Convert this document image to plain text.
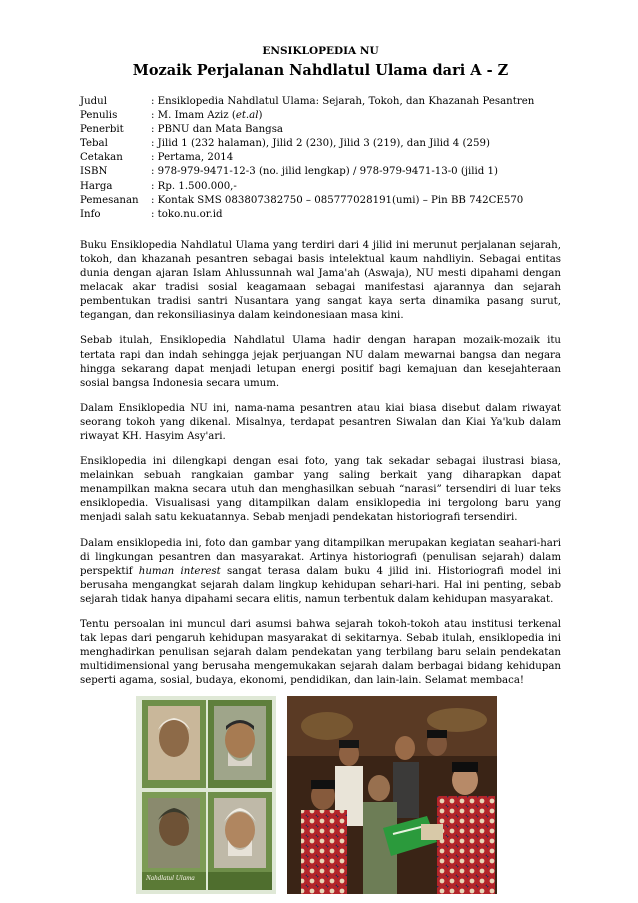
ENSIKLOPEDIA NU

Mozaik Perjalanan Nahdlatul Ulama dari A - Z
Judul	: Ensiklopedia Nahdlatul Ulama: Sejarah, Tokoh, dan Khazanah Pesantren
Penulis	: M. Imam Aziz (et.al)
Penerbit	: PBNU dan Mata Bangsa
Tebal	: Jilid 1 (232 halaman), Jilid 2 (230), Jilid 3 (219), dan Jilid 4 (259)
Cetakan	: Pertama, 2014
ISBN	: 978-979-9471-12-3 (no. jilid lengkap) / 978-979-9471-13-0 (jilid 1)
Harga	: Rp. 1.500.000,-
Pemesanan	: Kontak SMS 083807382750 – 085777028191(umi) – Pin BB 742CE570
Info	: toko.nu.or.id

Buku Ensiklopedia Nahdlatul Ulama yang terdiri dari 4 jilid ini merunut perjalanan sejarah, tokoh, dan khazanah pesantren sebagai basis intelektual kaum nahdliyin. Sebagai entitas dunia dengan ajaran Islam Ahlussunnah wal Jama'ah (Aswaja), NU mesti dipahami dengan melacak akar tradisi sosial keagamaan sebagai manifestasi ajarannya dan sejarah pembentukan tradisi santri Nusantara yang sangat kaya serta dinamika pasang surut, tegangan, dan rekonsiliasinya dalam keindonesiaan masa kini.

Sebab itulah, Ensiklopedia Nahdlatul Ulama hadir dengan harapan mozaik-mozaik itu tertata rapi dan indah sehingga jejak perjuangan NU dalam mewarnai bangsa dan negara hingga sekarang dapat menjadi letupan energi positif bagi kemajuan dan kesejahteraan sosial bangsa Indonesia secara umum.

Dalam Ensiklopedia NU ini, nama-nama pesantren atau kiai biasa disebut dalam riwayat seorang tokoh yang dikenal. Misalnya, terdapat pesantren Siwalan dan Kiai Ya'kub dalam riwayat KH. Hasyim Asy'ari.

Ensiklopedia ini dilengkapi dengan esai foto, yang tak sekadar sebagai ilustrasi biasa, melainkan sebuah rangkaian gambar yang saling berkait yang diharapkan dapat menampilkan makna secara utuh dan menghasilkan sebuah “narasi” tersendiri di luar teks ensiklopedia. Visualisasi yang ditampilkan dalam ensiklopedia ini tergolong baru yang menjadi salah satu kekuatannya. Sebab menjadi pendekatan historiografi tersendiri.

Dalam ensiklopedia ini, foto dan gambar yang ditampilkan merupakan kegiatan seahari-hari di lingkungan pesantren dan masyarakat. Artinya historiografi (penulisan sejarah) dalam perspektif human interest sangat terasa dalam buku 4 jilid ini. Historiografi model ini berusaha mengangkat sejarah dalam lingkup kehidupan sehari-hari. Hal ini penting, sebab sejarah tidak hanya dipahami secara elitis, namun terbentuk dalam kehidupan masyarakat.

Tentu persoalan ini muncul dari asumsi bahwa sejarah tokoh-tokoh atau institusi terkenal tak lepas dari pengaruh kehidupan masyarakat di sekitarnya. Sebab itulah, ensiklopedia ini menghadirkan penulisan sejarah dalam pendekatan yang terbilang baru selain pendekatan multidimensional yang berusaha mengemukakan sejarah dalam berbagai bidang kehidupan seperti agama, sosial, budaya, ekonomi, pendidikan, dan lain-lain. Selamat membaca!

Nahdlatul Ulama
